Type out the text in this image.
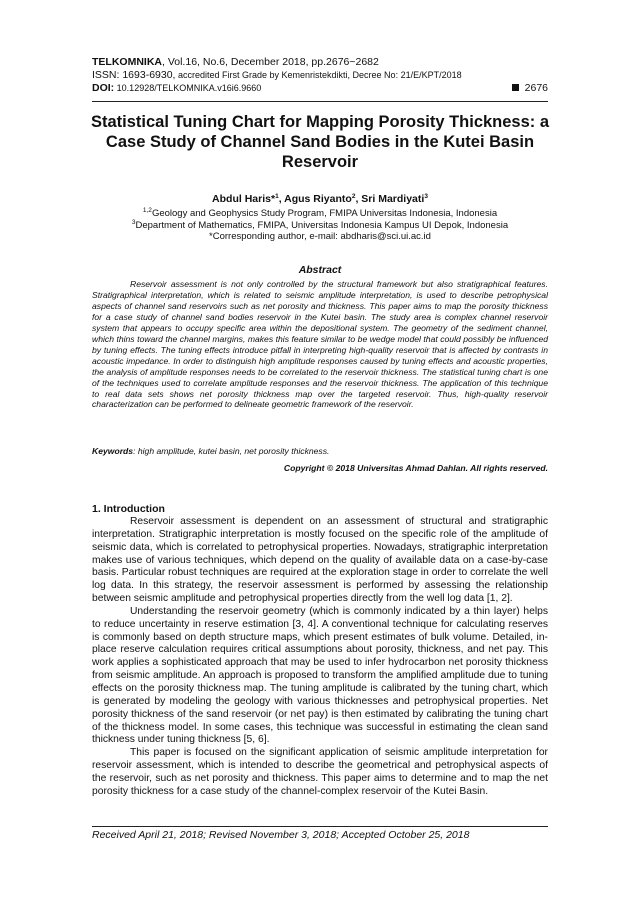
TELKOMNIKA, Vol.16, No.6, December 2018, pp.2676~2682
ISSN: 1693-6930, accredited First Grade by Kemenristekdikti, Decree No: 21/E/KPT/2018
DOI: 10.12928/TELKOMNIKA.v16i6.9660	2676
Statistical Tuning Chart for Mapping Porosity Thickness: a Case Study of Channel Sand Bodies in the Kutei Basin Reservoir
Abdul Haris*$^1$, Agus Riyanto$^2$, Sri Mardiyati$^3$
$^{1,2}$Geology and Geophysics Study Program, FMIPA Universitas Indonesia, Indonesia
$^3$Department of Mathematics, FMIPA, Universitas Indonesia Kampus UI Depok, Indonesia
*Corresponding author, e-mail: abdharis@sci.ui.ac.id
Abstract

Reservoir assessment is not only controlled by the structural framework but also stratigraphical features. Stratigraphical interpretation, which is related to seismic amplitude interpretation, is used to describe petrophysical aspects of channel sand reservoirs such as net porosity and thickness. This paper aims to map the porosity thickness for a case study of channel sand bodies reservoir in the Kutei basin. The study area is complex channel reservoir system that appears to occupy specific area within the depositional system. The geometry of the sediment channel, which thins toward the channel margins, makes this feature similar to be wedge model that could possibly be influenced by tuning effects. The tuning effects introduce pitfall in interpreting high-quality reservoir that is affected by contrasts in acoustic impedance. In order to distinguish high amplitude responses caused by tuning effects and acoustic properties, the analysis of amplitude responses needs to be correlated to the reservoir thickness. The statistical tuning chart is one of the techniques used to correlate amplitude responses and the reservoir thickness. The application of this technique to real data sets shows net porosity thickness map over the targeted reservoir. Thus, high-quality reservoir characterization can be performed to delineate geometric framework of the reservoir.

Keywords: high amplitude, kutei basin, net porosity thickness.
Copyright © 2018 Universitas Ahmad Dahlan. All rights reserved.
1. Introduction

Reservoir assessment is dependent on an assessment of structural and stratigraphic interpretation. Stratigraphic interpretation is mostly focused on the specific role of the amplitude of seismic data, which is correlated to petrophysical properties. Nowadays, stratigraphic interpretation makes use of various techniques, which depend on the quality of available data on a case-by-case basis. Particular robust techniques are required at the exploration stage in order to correlate the well log data. In this strategy, the reservoir assessment is performed by assessing the relationship between seismic amplitude and petrophysical properties directly from the well log data [1, 2].

Understanding the reservoir geometry (which is commonly indicated by a thin layer) helps to reduce uncertainty in reserve estimation [3, 4]. A conventional technique for calculating reserves is commonly based on depth structure maps, which present estimates of bulk volume. Detailed, in-place reserve calculation requires critical assumptions about porosity, thickness, and net pay. This work applies a sophisticated approach that may be used to infer hydrocarbon net porosity thickness from seismic amplitude. An approach is proposed to transform the amplified amplitude due to tuning effects on the porosity thickness map. The tuning amplitude is calibrated by the tuning chart, which is generated by modeling the geology with various thicknesses and petrophysical properties. Net porosity thickness of the sand reservoir (or net pay) is then estimated by calibrating the tuning chart of the thickness model. In some cases, this technique was successful in estimating the clean sand thickness under tuning thickness [5, 6].

This paper is focused on the significant application of seismic amplitude interpretation for reservoir assessment, which is intended to describe the geometrical and petrophysical aspects of the reservoir, such as net porosity and thickness. This paper aims to determine and to map the net porosity thickness for a case study of the channel-complex reservoir of the Kutei Basin.

Received April 21, 2018; Revised November 3, 2018; Accepted October 25, 2018
